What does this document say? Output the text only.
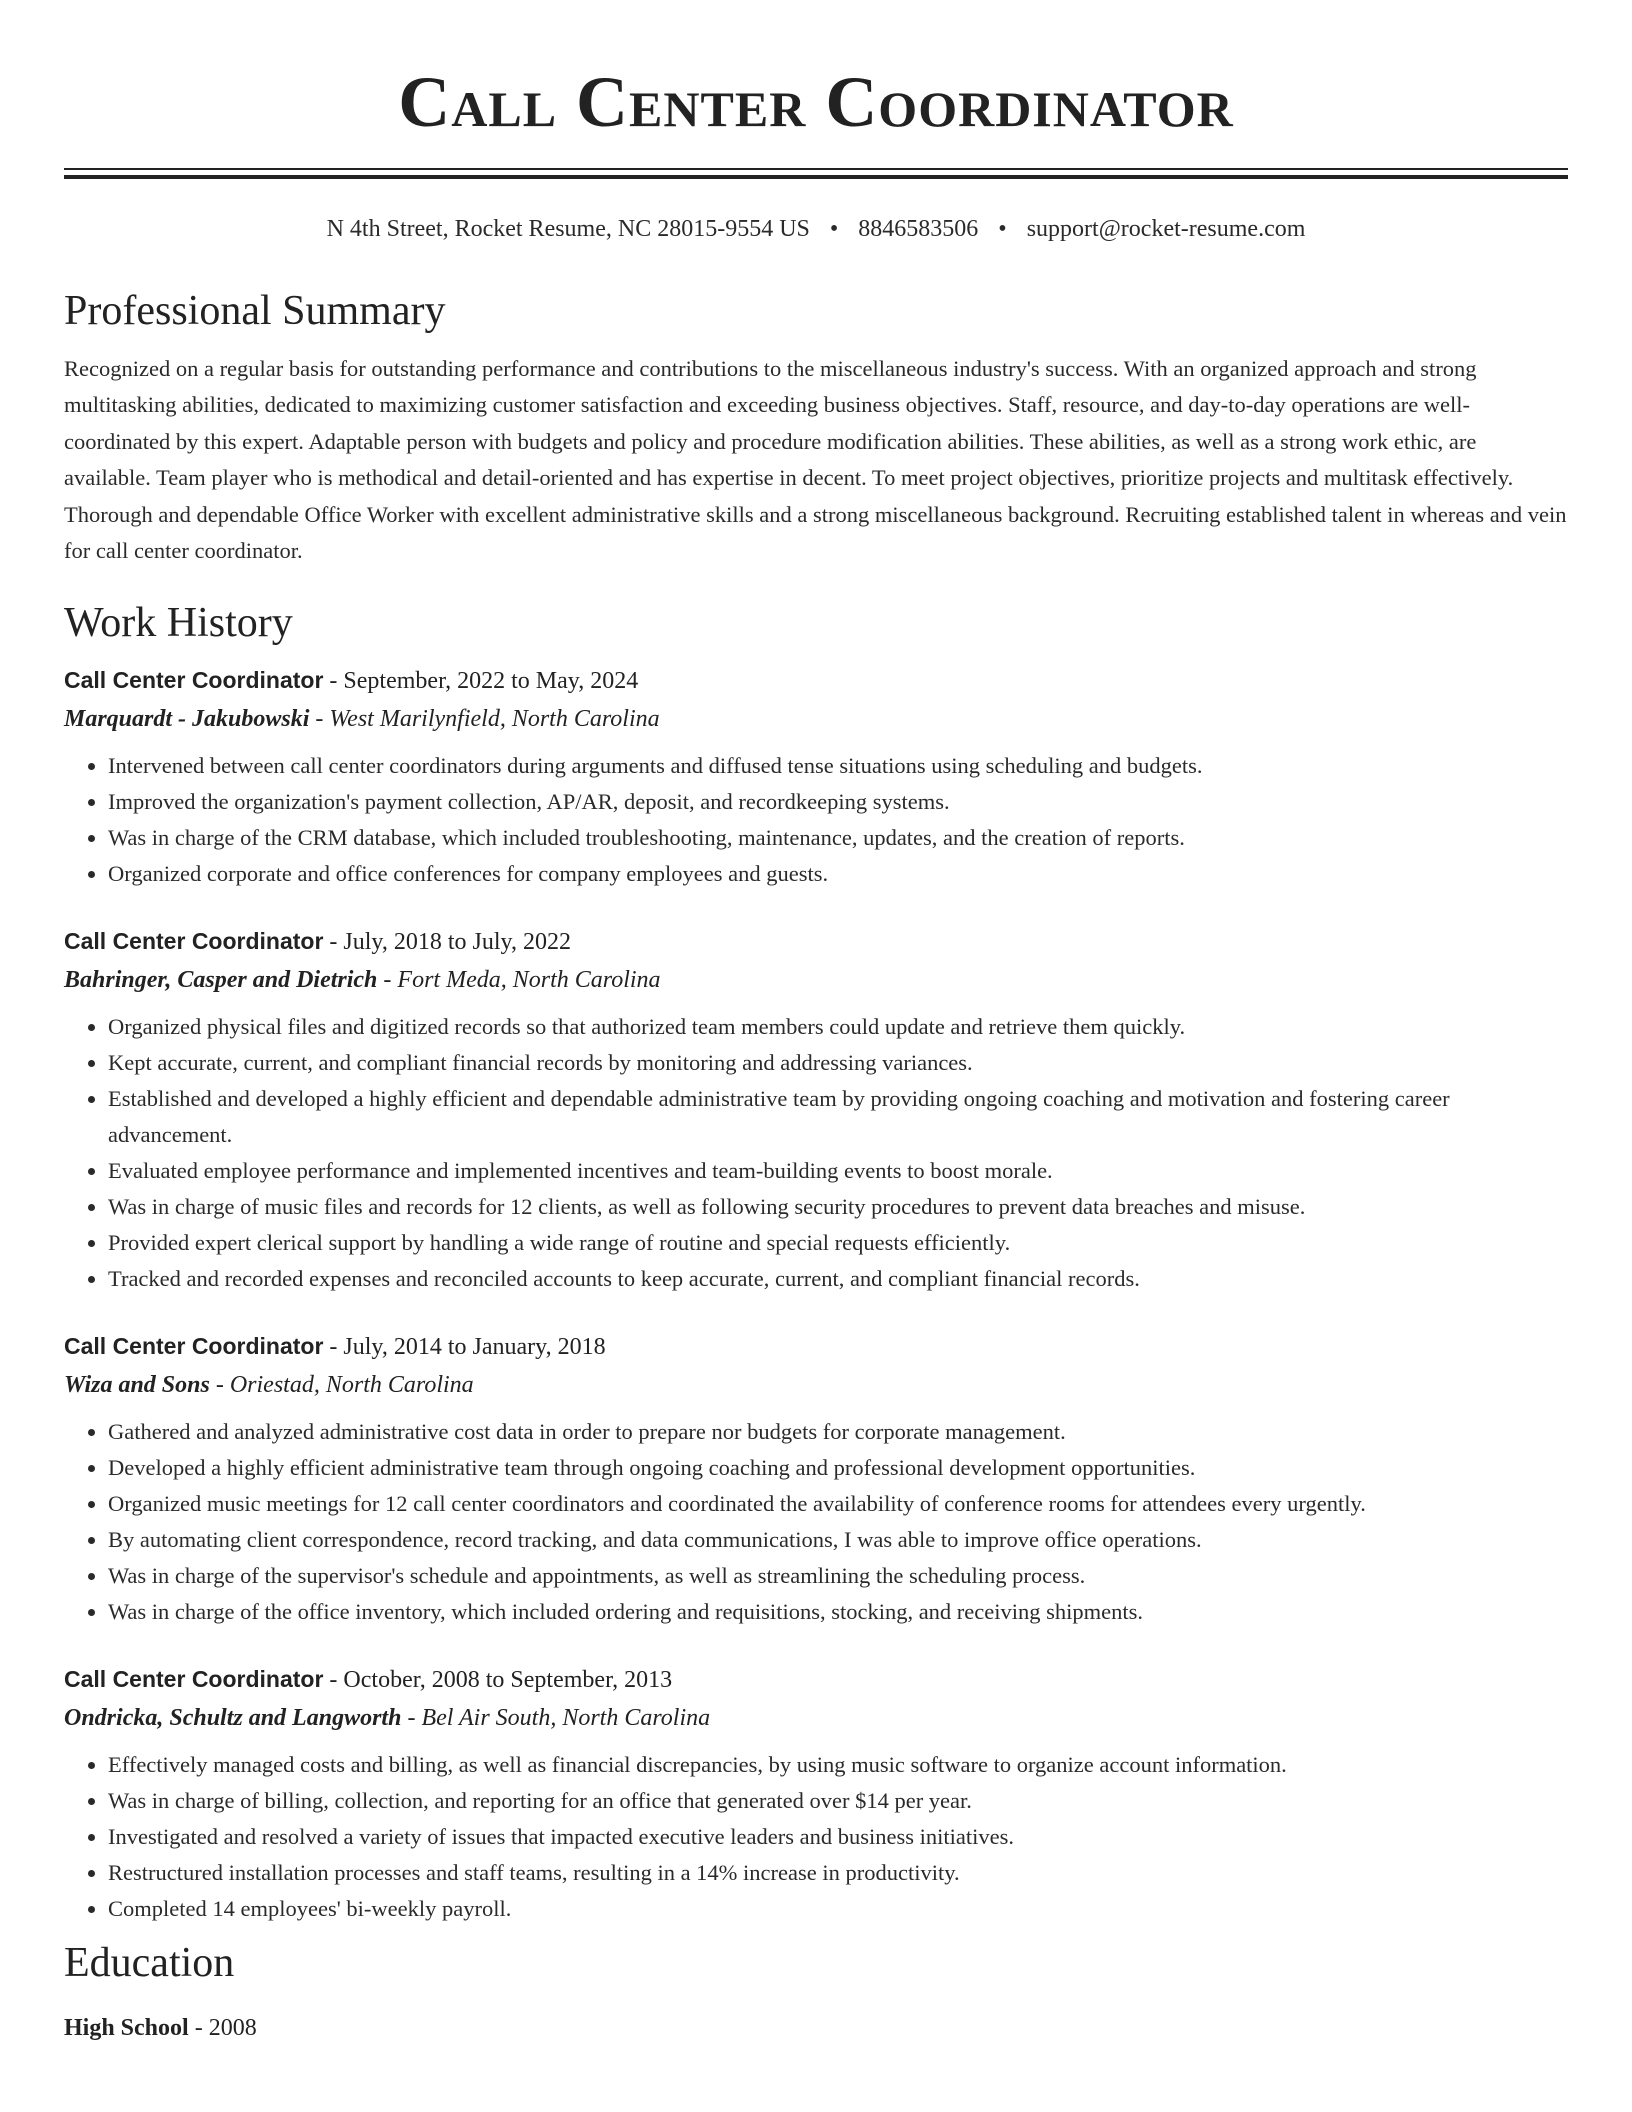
Call Center Coordinator
N 4th Street, Rocket Resume, NC 28015-9554 US • 8846583506 • support@rocket-resume.com
Professional Summary
Recognized on a regular basis for outstanding performance and contributions to the miscellaneous industry's success. With an organized approach and strong multitasking abilities, dedicated to maximizing customer satisfaction and exceeding business objectives. Staff, resource, and day-to-day operations are well-coordinated by this expert. Adaptable person with budgets and policy and procedure modification abilities. These abilities, as well as a strong work ethic, are available. Team player who is methodical and detail-oriented and has expertise in decent. To meet project objectives, prioritize projects and multitask effectively. Thorough and dependable Office Worker with excellent administrative skills and a strong miscellaneous background. Recruiting established talent in whereas and vein for call center coordinator.
Work History
Call Center Coordinator - September, 2022 to May, 2024
Marquardt - Jakubowski - West Marilynfield, North Carolina
• Intervened between call center coordinators during arguments and diffused tense situations using scheduling and budgets.
• Improved the organization's payment collection, AP/AR, deposit, and recordkeeping systems.
• Was in charge of the CRM database, which included troubleshooting, maintenance, updates, and the creation of reports.
• Organized corporate and office conferences for company employees and guests.
Call Center Coordinator - July, 2018 to July, 2022
Bahringer, Casper and Dietrich - Fort Meda, North Carolina
• Organized physical files and digitized records so that authorized team members could update and retrieve them quickly.
• Kept accurate, current, and compliant financial records by monitoring and addressing variances.
• Established and developed a highly efficient and dependable administrative team by providing ongoing coaching and motivation and fostering career advancement.
• Evaluated employee performance and implemented incentives and team-building events to boost morale.
• Was in charge of music files and records for 12 clients, as well as following security procedures to prevent data breaches and misuse.
• Provided expert clerical support by handling a wide range of routine and special requests efficiently.
• Tracked and recorded expenses and reconciled accounts to keep accurate, current, and compliant financial records.
Call Center Coordinator - July, 2014 to January, 2018
Wiza and Sons - Oriestad, North Carolina
• Gathered and analyzed administrative cost data in order to prepare nor budgets for corporate management.
• Developed a highly efficient administrative team through ongoing coaching and professional development opportunities.
• Organized music meetings for 12 call center coordinators and coordinated the availability of conference rooms for attendees every urgently.
• By automating client correspondence, record tracking, and data communications, I was able to improve office operations.
• Was in charge of the supervisor's schedule and appointments, as well as streamlining the scheduling process.
• Was in charge of the office inventory, which included ordering and requisitions, stocking, and receiving shipments.
Call Center Coordinator - October, 2008 to September, 2013
Ondricka, Schultz and Langworth - Bel Air South, North Carolina
• Effectively managed costs and billing, as well as financial discrepancies, by using music software to organize account information.
• Was in charge of billing, collection, and reporting for an office that generated over $14 per year.
• Investigated and resolved a variety of issues that impacted executive leaders and business initiatives.
• Restructured installation processes and staff teams, resulting in a 14% increase in productivity.
• Completed 14 employees' bi-weekly payroll.
Education
High School - 2008
